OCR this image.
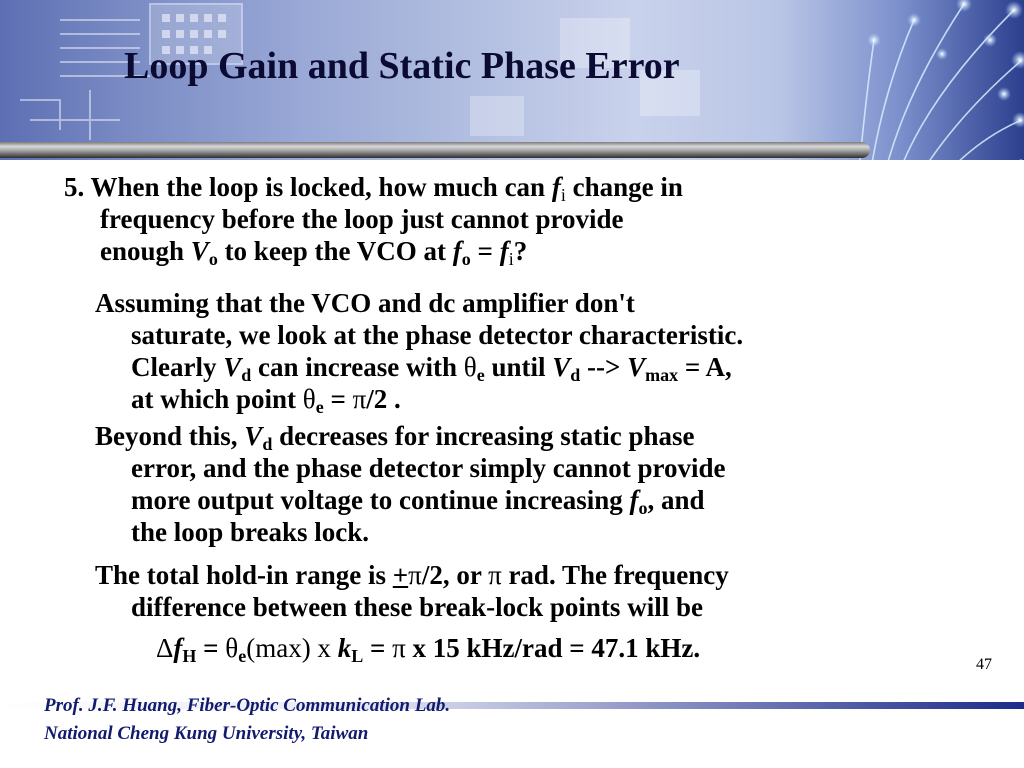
Loop Gain and Static Phase Error

5. When the loop is locked, how much can $f_i$ change in
frequency before the loop just cannot provide
enough $V_o$ to keep the VCO at $f_o = f_i$?

Assuming that the VCO and dc amplifier don't
saturate, we look at the phase detector characteristic.
Clearly $V_d$ can increase with $\theta_e$ until $V_d$ --> $V_{max} = A$,
at which point $\theta_e = \pi/2$ .

Beyond this, $V_d$ decreases for increasing static phase
error, and the phase detector simply cannot provide
more output voltage to continue increasing $f_o$, and
the loop breaks lock.

The total hold-in range is +π/2, or π rad. The frequency
difference between these break-lock points will be

$\Delta f_H = \theta_e(\max)$ x $k_L = \pi$ x 15 kHz/rad = 47.1 kHz.

47
Prof. J.F. Huang, Fiber-Optic Communication Lab.
National Cheng Kung University, Taiwan
